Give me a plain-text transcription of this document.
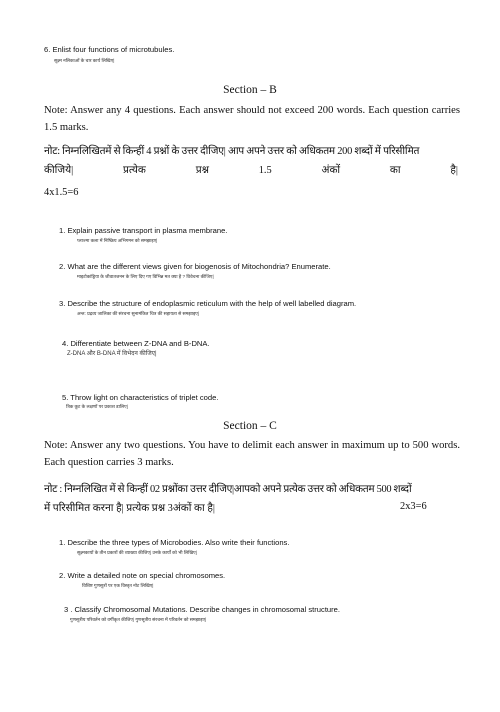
6. Enlist four functions of microtubules.
सूक्ष्म नलिकाओं के चार कार्य लिखिए|
Section – B
Note: Answer any 4 questions. Each answer should not exceed 200 words. Each question carries 1.5 marks.
नोट: निम्नलिखितमें से किन्हीं 4 प्रश्नों के उत्तर दीजिए| आप अपने उत्तर को अधिकतम 200 शब्दों में परिसीमित
कीजिये|	प्रत्येक	प्रश्न	1.5	अंकों	का	है|
4x1.5=6
1. Explain passive transport in plasma membrane.
प्लाज्मा कला में निष्क्रिय अभिगमन को समझाइए|
2. What are the different views given for biogenosis of Mitochondria? Enumerate.
माइटोकांड्रिया के जीवातजनन के लिए दिए गए विभिन्न मत क्या है ? विवेचना कीजिए|
3. Describe the structure of endoplasmic reticulum with the help of well labelled diagram.
अन्त: प्रद्रव्य जालिका की संरचना सुनामंकित चित्र की सहायता से समझाइए|
4. Differentiate between Z-DNA and B-DNA.
Z-DNA और B-DNA में विभेदन कीजिए|
5. Throw light on characteristics of triplet code.
त्रिक कूट के लक्षणों पर प्रकाश डालिए|
Section – C
Note: Answer any two questions. You have to delimit each answer in maximum up to 500 words. Each question carries 3 marks.
नोट : निम्नलिखित में से किन्हीं 02 प्रश्नोंका उत्तर दीजिए|आपको अपने प्रत्येक उत्तर को अधिकतम 500 शब्दों
में परिसीमित करना है| प्रत्येक प्रश्न 3अंकों का है|	2x3=6
1. Describe the three types of Microbodies. Also write their functions.
सूक्ष्मकायों के तीन प्रकारों की व्याख्या कीजिए| उनके कार्यों को भी लिखिए|
2. Write a detailed note on special chromosomes.
विशिष्ट गुणसूत्रों पर एक विस्तृत नोट लिखिए|
3 . Classify Chromosomal Mutations. Describe changes in chromosomal structure.
गुणसूत्रीय परिवर्तन को वर्गीकृत कीजिए| गुणसूत्रीय संरचना में परिवर्तन को समझाइए|
